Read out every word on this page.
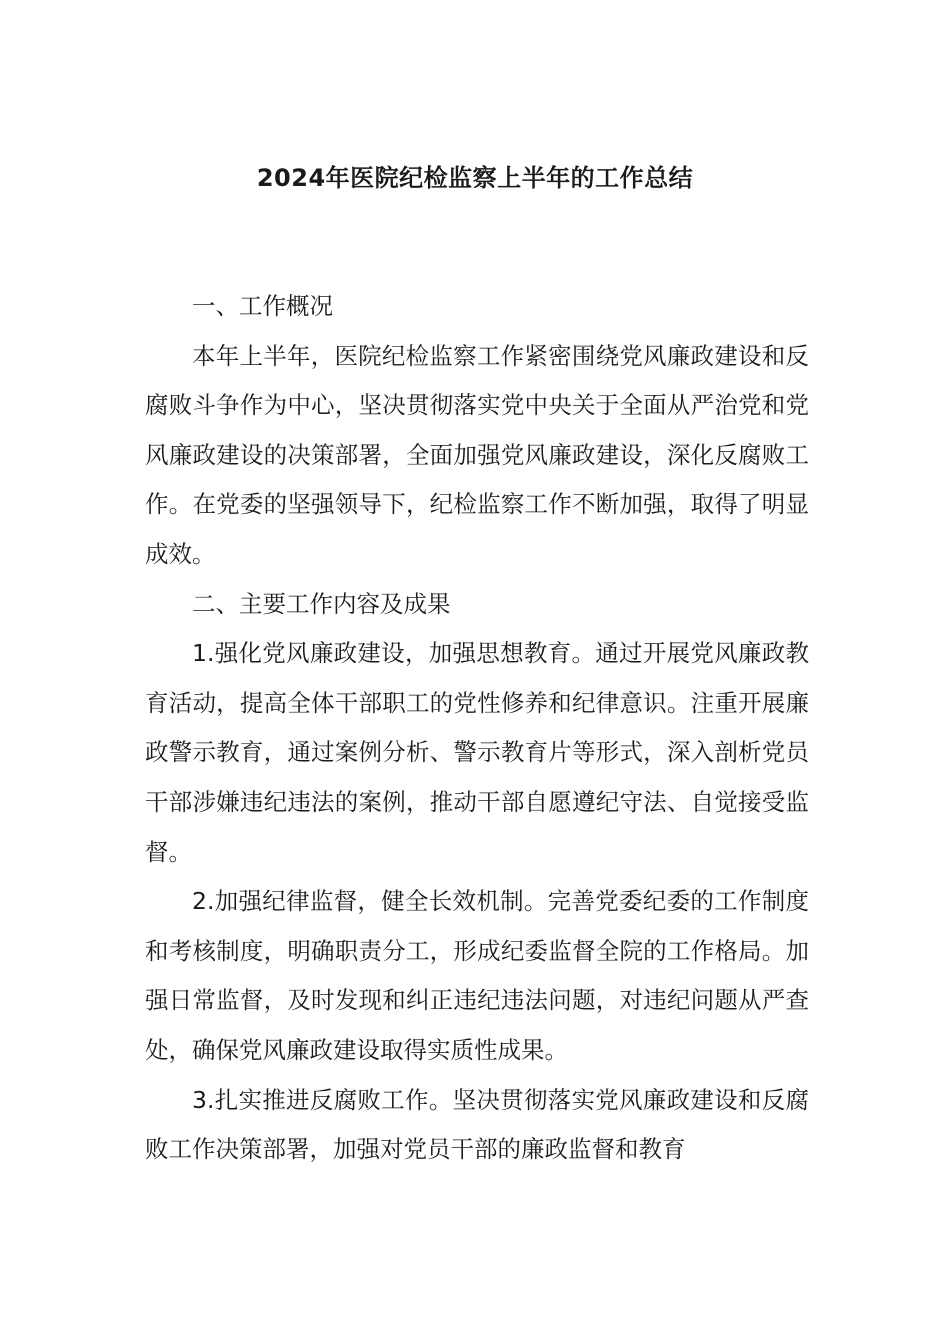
2024年医院纪检监察上半年的工作总结

一、工作概况

本年上半年，医院纪检监察工作紧密围绕党风廉政建设和反腐败斗争作为中心，坚决贯彻落实党中央关于全面从严治党和党风廉政建设的决策部署，全面加强党风廉政建设，深化反腐败工作。在党委的坚强领导下，纪检监察工作不断加强，取得了明显成效。

二、主要工作内容及成果

1.强化党风廉政建设，加强思想教育。通过开展党风廉政教育活动，提高全体干部职工的党性修养和纪律意识。注重开展廉政警示教育，通过案例分析、警示教育片等形式，深入剖析党员干部涉嫌违纪违法的案例，推动干部自愿遵纪守法、自觉接受监督。

2.加强纪律监督，健全长效机制。完善党委纪委的工作制度和考核制度，明确职责分工，形成纪委监督全院的工作格局。加强日常监督，及时发现和纠正违纪违法问题，对违纪问题从严查处，确保党风廉政建设取得实质性成果。

3.扎实推进反腐败工作。坚决贯彻落实党风廉政建设和反腐败工作决策部署，加强对党员干部的廉政监督和教育
